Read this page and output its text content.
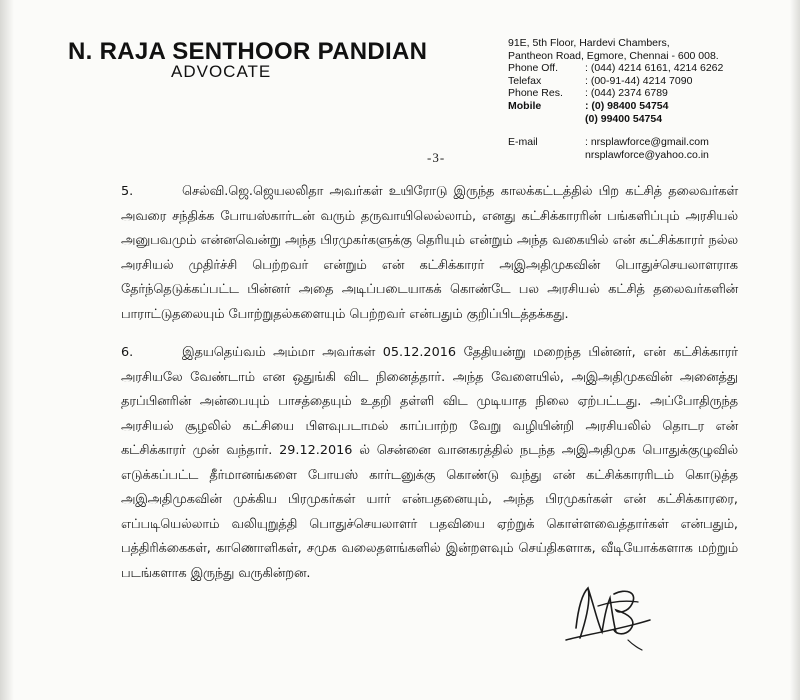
N. RAJA SENTHOOR PANDIAN
ADVOCATE
91E, 5th Floor, Hardevi Chambers,
Pantheon Road, Egmore, Chennai - 600 008.
Phone Off.	: (044) 4214 6161, 4214 6262
Telefax	: (00-91-44) 4214 7090
Phone Res.	: (044) 2374 6789
Mobile	: (0) 98400 54754
(0) 99400 54754
E-mail	: nrsplawforce@gmail.com
nrsplawforce@yahoo.co.in
-3-
5.	செல்வி.ஜெ.ஜெயலலிதா அவர்கள் உயிரோடு இருந்த காலக்கட்டத்தில் பிற கட்சித் தலைவர்கள் அவரை சந்திக்க போயஸ்கார்டன் வரும் தருவாயிலெல்லாம், எனது கட்சிக்காரரின் பங்களிப்பும் அரசியல் அனுபவமும் என்னவென்று அந்த பிரமுகர்களுக்கு தெரியும் என்றும் அந்த வகையில் என் கட்சிக்காரர் நல்ல அரசியல் முதிர்ச்சி பெற்றவர் என்றும் என் கட்சிக்காரர் அஇஅதிமுகவின் பொதுச்செயலாளராக தேர்ந்தெடுக்கப்பட்ட பின்னர் அதை அடிப்படையாகக் கொண்டே பல அரசியல் கட்சித் தலைவர்களின் பாராட்டுதலையும் போற்றுதல்களையும் பெற்றவர் என்பதும் குறிப்பிடத்தக்கது.
6.	இதயதெய்வம் அம்மா அவர்கள் 05.12.2016 தேதியன்று மறைந்த பின்னர், என் கட்சிக்காரர் அரசியலே வேண்டாம் என ஒதுங்கி விட நினைத்தார். அந்த வேளையில், அஇஅதிமுகவின் அனைத்து தரப்பினரின் அன்பையும் பாசத்தையும் உதறி தள்ளி விட முடியாத நிலை ஏற்பட்டது. அப்போதிருந்த அரசியல் சூழலில் கட்சியை பிளவுபடாமல் காப்பாற்ற வேறு வழியின்றி அரசியலில் தொடர என் கட்சிக்காரர் முன் வந்தார். 29.12.2016 ல் சென்னை வானகரத்தில் நடந்த அஇஅதிமுக பொதுக்குழுவில் எடுக்கப்பட்ட தீர்மானங்களை போயஸ் கார்டனுக்கு கொண்டு வந்து என் கட்சிக்காரரிடம் கொடுத்த அஇஅதிமுகவின் முக்கிய பிரமுகர்கள் யார் என்பதனையும், அந்த பிரமுகர்கள் என் கட்சிக்காரரை, எப்படியெல்லாம் வலியுறுத்தி பொதுச்செயலாளர் பதவியை ஏற்றுக் கொள்ளவைத்தார்கள் என்பதும், பத்திரிக்கைகள், காணொளிகள், சமுக வலைதளங்களில் இன்றளவும் செய்திகளாக, வீடியோக்களாக மற்றும் படங்களாக இருந்து வருகின்றன.
